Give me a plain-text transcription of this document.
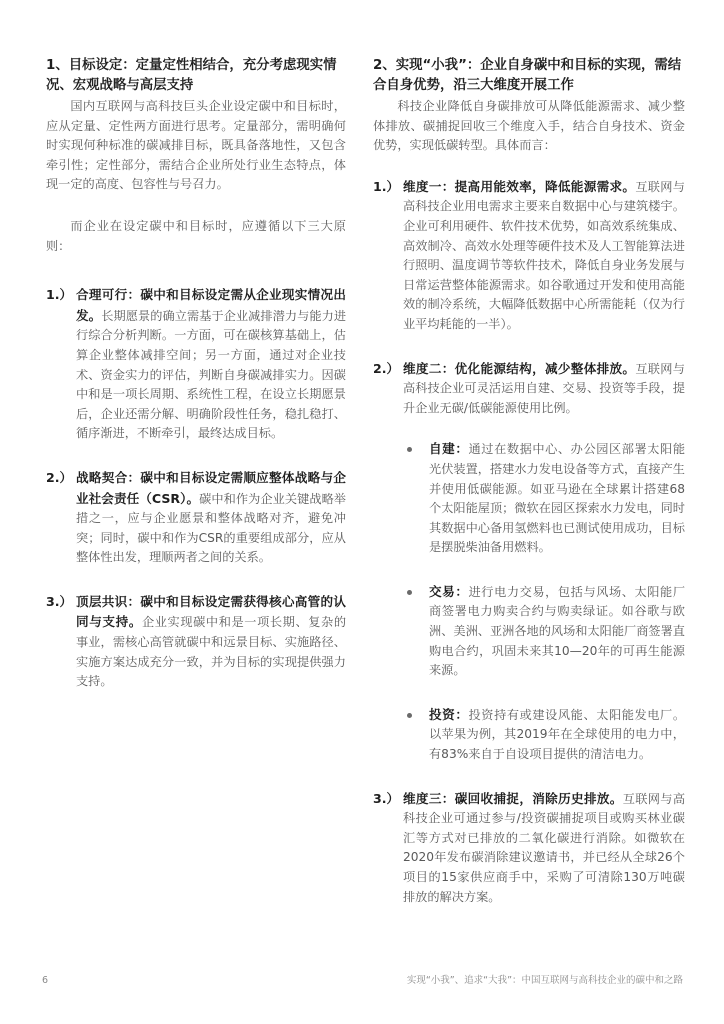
1、目标设定：定量定性相结合，充分考虑现实情况、宏观战略与高层支持

国内互联网与高科技巨头企业设定碳中和目标时，应从定量、定性两方面进行思考。定量部分，需明确何时实现何种标准的碳减排目标，既具备落地性，又包含牵引性；定性部分，需结合企业所处行业生态特点，体现一定的高度、包容性与号召力。

而企业在设定碳中和目标时，应遵循以下三大原则：

1.） 合理可行：碳中和目标设定需从企业现实情况出发。长期愿景的确立需基于企业减排潜力与能力进行综合分析判断。一方面，可在碳核算基础上，估算企业整体减排空间；另一方面，通过对企业技术、资金实力的评估，判断自身碳减排实力。因碳中和是一项长周期、系统性工程，在设立长期愿景后，企业还需分解、明确阶段性任务，稳扎稳打、循序渐进，不断牵引，最终达成目标。

2.） 战略契合：碳中和目标设定需顺应整体战略与企业社会责任（CSR）。碳中和作为企业关键战略举措之一，应与企业愿景和整体战略对齐，避免冲突；同时，碳中和作为CSR的重要组成部分，应从整体性出发，理顺两者之间的关系。

3.） 顶层共识：碳中和目标设定需获得核心高管的认同与支持。企业实现碳中和是一项长期、复杂的事业，需核心高管就碳中和远景目标、实施路径、实施方案达成充分一致，并为目标的实现提供强力支持。

2、实现“小我”：企业自身碳中和目标的实现，需结合自身优势，沿三大维度开展工作

科技企业降低自身碳排放可从降低能源需求、减少整体排放、碳捕捉回收三个维度入手，结合自身技术、资金优势，实现低碳转型。具体而言：

1.） 维度一：提高用能效率，降低能源需求。互联网与高科技企业用电需求主要来自数据中心与建筑楼宇。企业可利用硬件、软件技术优势，如高效系统集成、高效制冷、高效水处理等硬件技术及人工智能算法进行照明、温度调节等软件技术，降低自身业务发展与日常运营整体能源需求。如谷歌通过开发和使用高能效的制冷系统，大幅降低数据中心所需能耗（仅为行业平均耗能的一半）。

2.） 维度二：优化能源结构，减少整体排放。互联网与高科技企业可灵活运用自建、交易、投资等手段，提升企业无碳/低碳能源使用比例。

自建：通过在数据中心、办公园区部署太阳能光伏装置，搭建水力发电设备等方式，直接产生并使用低碳能源。如亚马逊在全球累计搭建68个太阳能屋顶；微软在园区探索水力发电，同时其数据中心备用氢燃料也已测试使用成功，目标是摆脱柴油备用燃料。

交易：进行电力交易，包括与风场、太阳能厂商签署电力购卖合约与购卖绿证。如谷歌与欧洲、美洲、亚洲各地的风场和太阳能厂商签署直购电合约，巩固未来其10—20年的可再生能源来源。

投资：投资持有或建设风能、太阳能发电厂。以苹果为例，其2019年在全球使用的电力中，有83%来自于自设项目提供的清洁电力。

3.） 维度三：碳回收捕捉，消除历史排放。互联网与高科技企业可通过参与/投资碳捕捉项目或购买林业碳汇等方式对已排放的二氧化碳进行消除。如微软在2020年发布碳消除建议邀请书，并已经从全球26个项目的15家供应商手中，采购了可清除130万吨碳排放的解决方案。

6	实现“小我”、追求“大我”：中国互联网与高科技企业的碳中和之路
